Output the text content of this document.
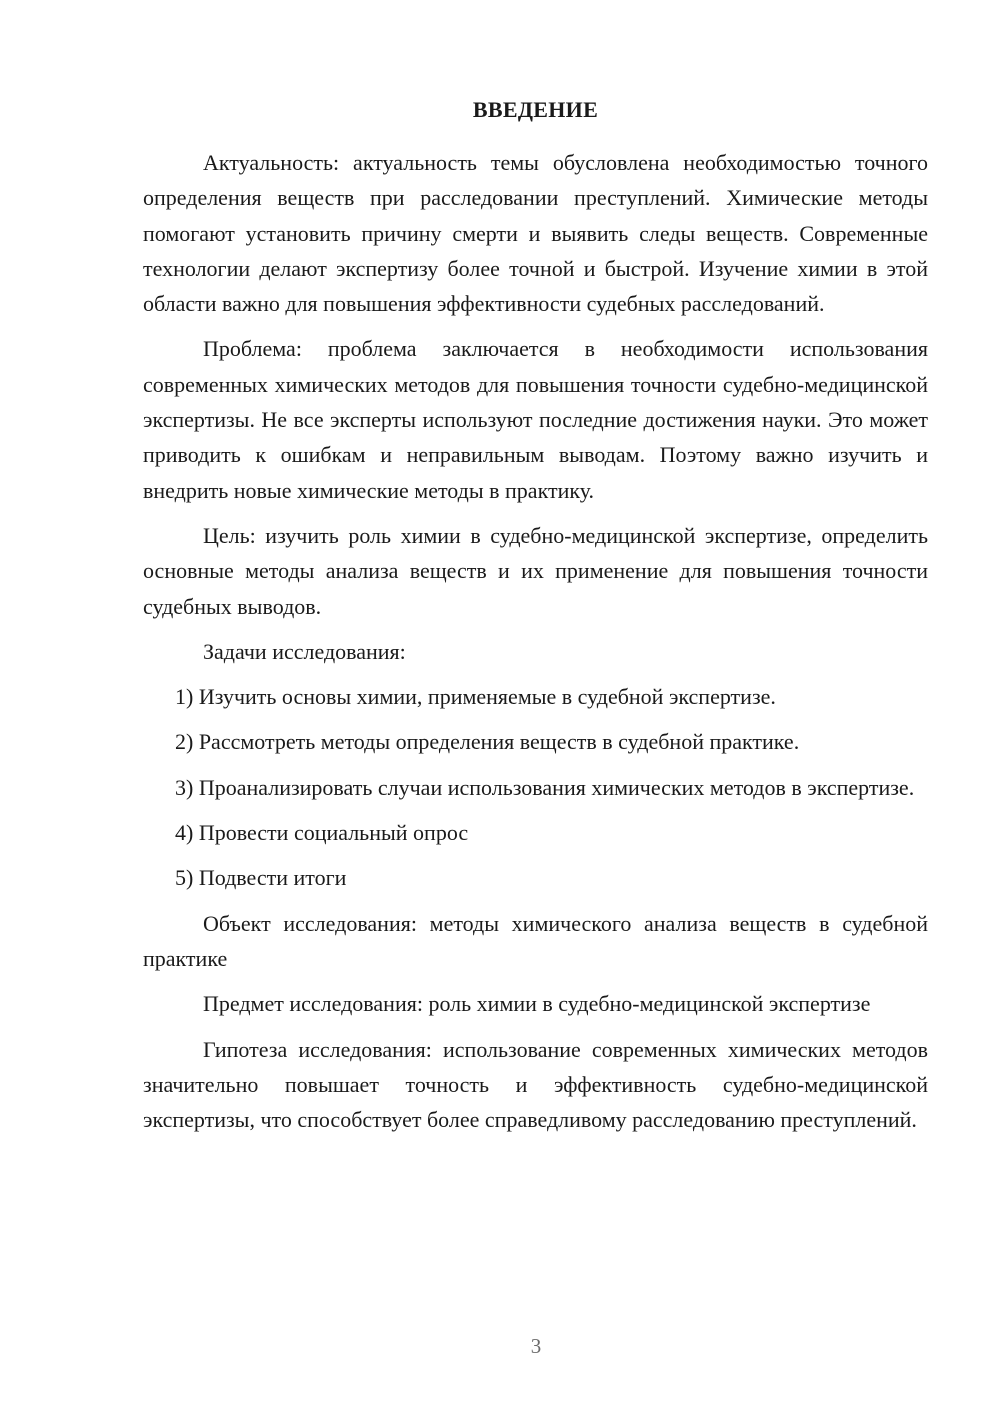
ВВЕДЕНИЕ

Актуальность: актуальность темы обусловлена необходимостью точного определения веществ при расследовании преступлений. Химические методы помогают установить причину смерти и выявить следы веществ. Современные технологии делают экспертизу более точной и быстрой. Изучение химии в этой области важно для повышения эффективности судебных расследований.

Проблема: проблема заключается в необходимости использования современных химических методов для повышения точности судебно-медицинской экспертизы. Не все эксперты используют последние достижения науки. Это может приводить к ошибкам и неправильным выводам. Поэтому важно изучить и внедрить новые химические методы в практику.

Цель: изучить роль химии в судебно-медицинской экспертизе, определить основные методы анализа веществ и их применение для повышения точности судебных выводов.

Задачи исследования:

1) Изучить основы химии, применяемые в судебной экспертизе.

2) Рассмотреть методы определения веществ в судебной практике.

3) Проанализировать случаи использования химических методов в экспертизе.

4) Провести социальный опрос

5) Подвести итоги

Объект исследования: методы химического анализа веществ в судебной практике

Предмет исследования: роль химии в судебно-медицинской экспертизе

Гипотеза исследования: использование современных химических методов значительно повышает точность и эффективность судебно-медицинской экспертизы, что способствует более справедливому расследованию преступлений.

3
